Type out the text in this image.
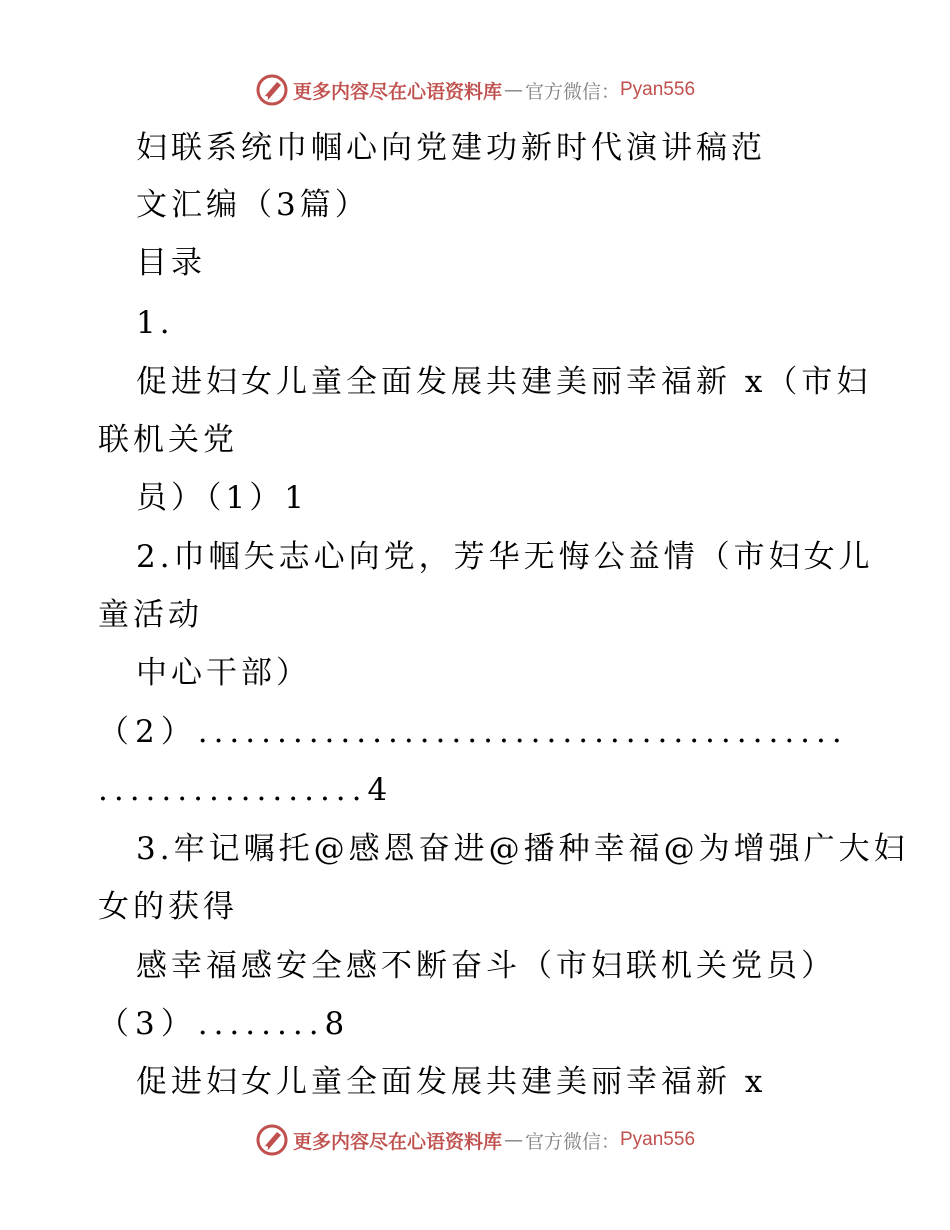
更多内容尽在心语资料库 — 官方微信： Pyan556
妇联系统巾帼心向党建功新时代演讲稿范
文汇编（3篇）
目录
1.
促进妇女儿童全面发展共建美丽幸福新 x（市妇
联机关党
员）（1）1
2.巾帼矢志心向党，芳华无悔公益情（市妇女儿
童活动
中心干部）
（2）.........................................
.................4
3.牢记嘱托@感恩奋进@播种幸福@为增强广大妇
女的获得
感幸福感安全感不断奋斗（市妇联机关党员）
（3）........8
促进妇女儿童全面发展共建美丽幸福新 x
更多内容尽在心语资料库 — 官方微信： Pyan556
